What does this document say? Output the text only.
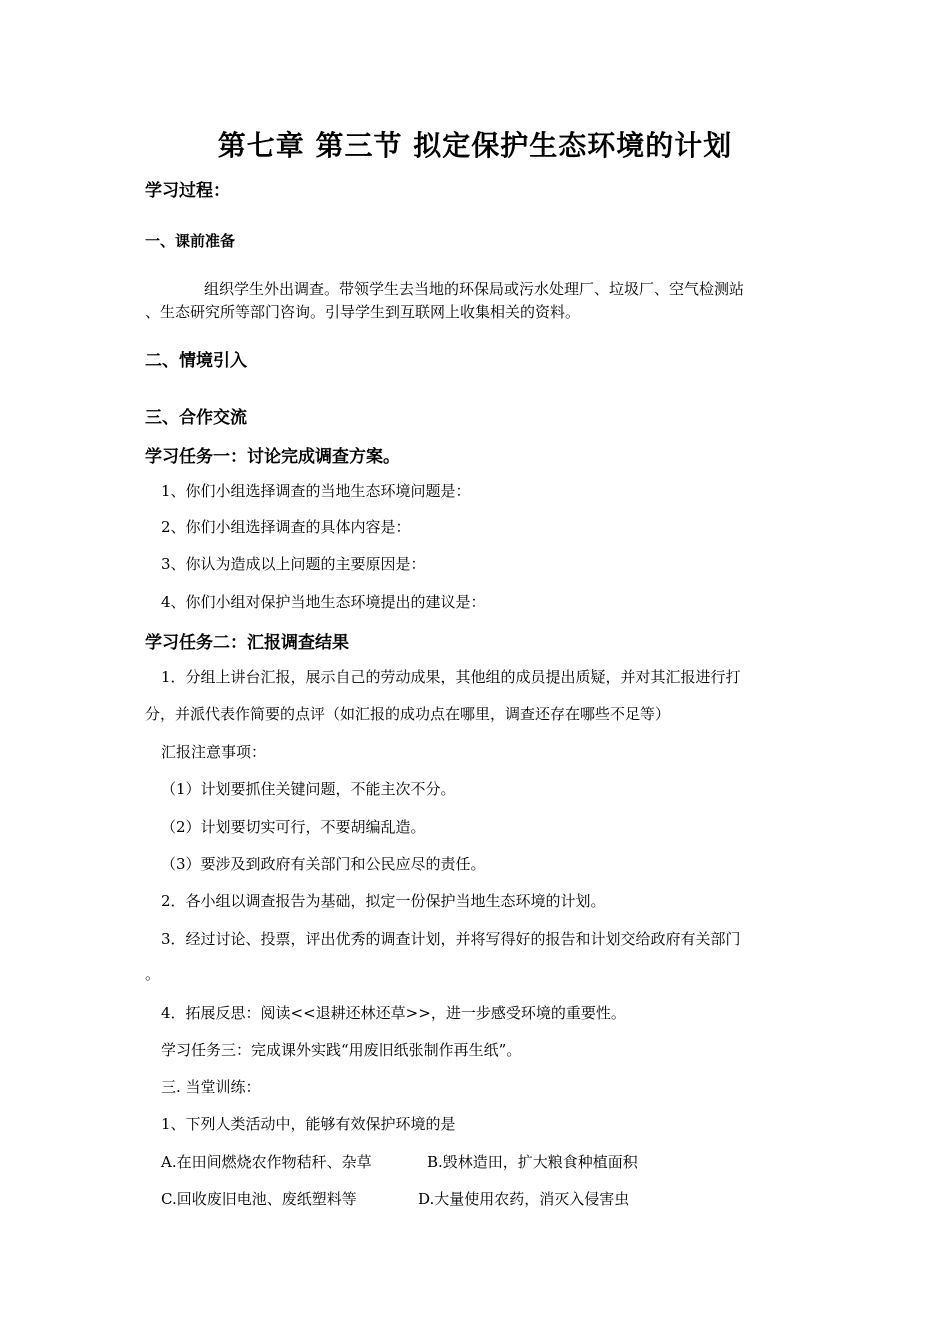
第七章 第三节 拟定保护生态环境的计划
学习过程：
一、课前准备
组织学生外出调查。带领学生去当地的环保局或污水处理厂、垃圾厂、空气检测站
、生态研究所等部门咨询。引导学生到互联网上收集相关的资料。
二、情境引入
三、合作交流
学习任务一：讨论完成调查方案。
1、你们小组选择调查的当地生态环境问题是：
2、你们小组选择调查的具体内容是：
3、你认为造成以上问题的主要原因是：
4、你们小组对保护当地生态环境提出的建议是：
学习任务二：汇报调查结果
1．分组上讲台汇报，展示自己的劳动成果，其他组的成员提出质疑，并对其汇报进行打
分，并派代表作简要的点评（如汇报的成功点在哪里，调查还存在哪些不足等）
汇报注意事项：
（1）计划要抓住关键问题，不能主次不分。
（2）计划要切实可行，不要胡编乱造。
（3）要涉及到政府有关部门和公民应尽的责任。
2．各小组以调查报告为基础，拟定一份保护当地生态环境的计划。
3．经过讨论、投票，评出优秀的调查计划，并将写得好的报告和计划交给政府有关部门
。
4．拓展反思：阅读<<退耕还林还草>>，进一步感受环境的重要性。
学习任务三：完成课外实践“用废旧纸张制作再生纸”。
三. 当堂训练：
1、下列人类活动中，能够有效保护环境的是
A.在田间燃烧农作物秸秆、杂草	B.毁林造田，扩大粮食种植面积
C.回收废旧电池、废纸塑料等	D.大量使用农药，消灭入侵害虫
